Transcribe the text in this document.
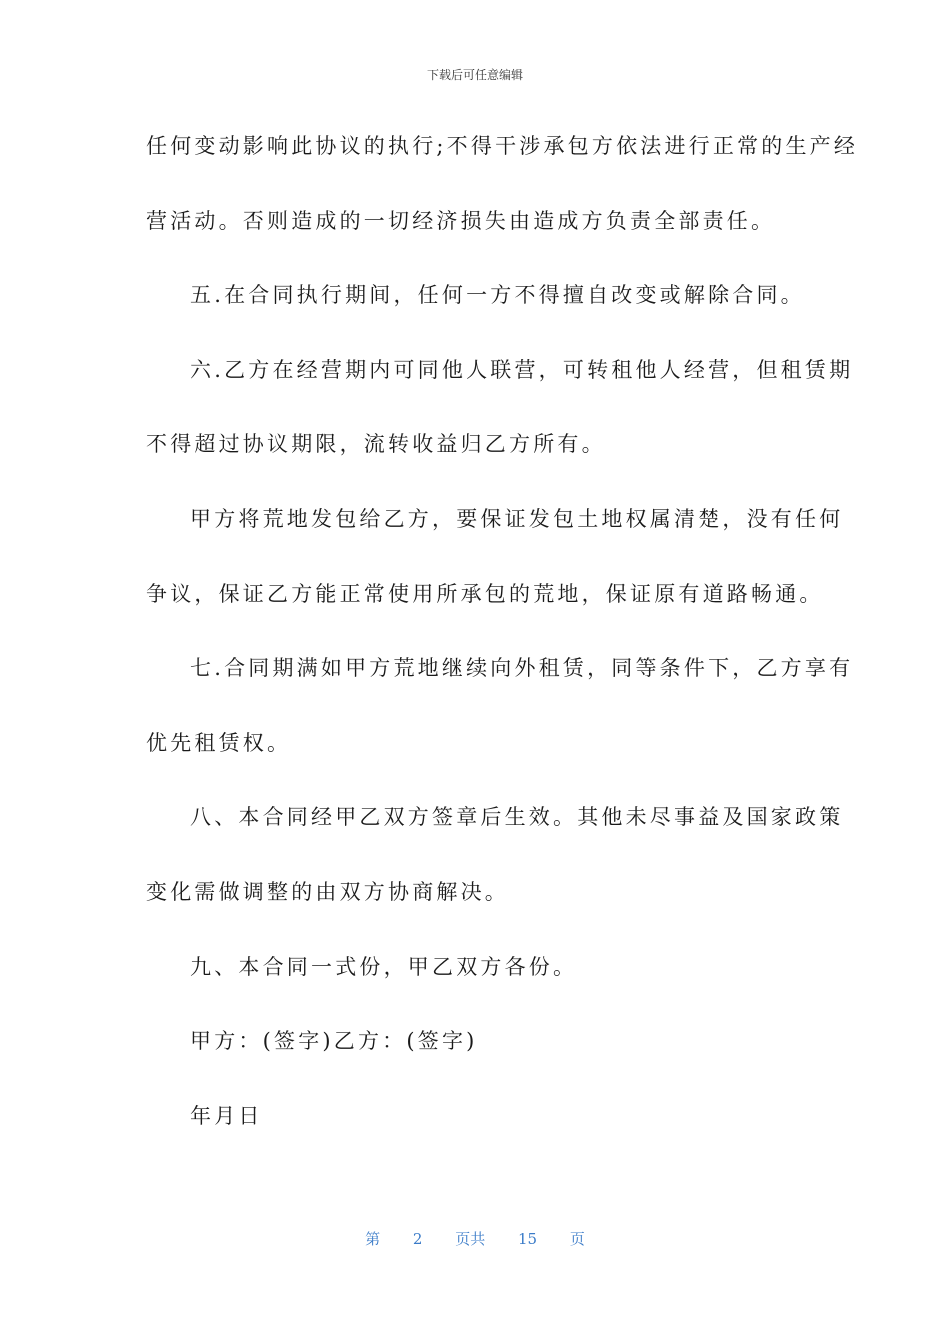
下载后可任意编辑
任何变动影响此协议的执行;不得干涉承包方依法进行正常的生产经
营活动。否则造成的一切经济损失由造成方负责全部责任。
五.在合同执行期间，任何一方不得擅自改变或解除合同。
六.乙方在经营期内可同他人联营，可转租他人经营，但租赁期
不得超过协议期限，流转收益归乙方所有。
甲方将荒地发包给乙方，要保证发包土地权属清楚，没有任何
争议，保证乙方能正常使用所承包的荒地，保证原有道路畅通。
七.合同期满如甲方荒地继续向外租赁，同等条件下，乙方享有
优先租赁权。
八、本合同经甲乙双方签章后生效。其他未尽事益及国家政策
变化需做调整的由双方协商解决。
九、本合同一式份，甲乙双方各份。
甲方：(签字)乙方：(签字)
年月日
第 2 页共 15 页
